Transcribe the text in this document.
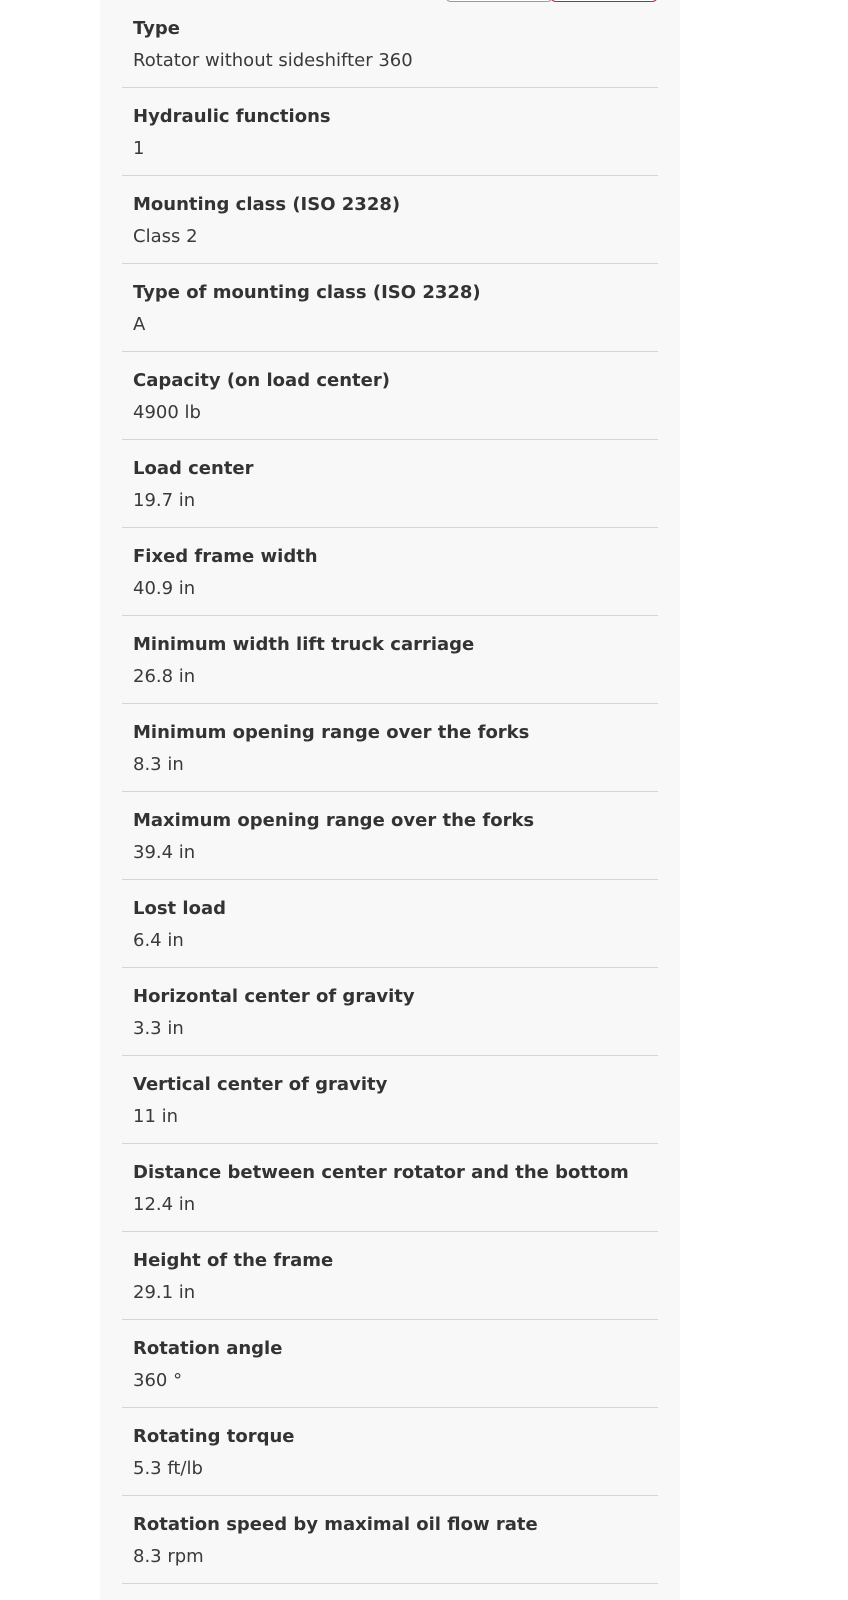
Type
Rotator without sideshifter 360
Hydraulic functions
1
Mounting class (ISO 2328)
Class 2
Type of mounting class (ISO 2328)
A
Capacity (on load center)
4900 lb
Load center
19.7 in
Fixed frame width
40.9 in
Minimum width lift truck carriage
26.8 in
Minimum opening range over the forks
8.3 in
Maximum opening range over the forks
39.4 in
Lost load
6.4 in
Horizontal center of gravity
3.3 in
Vertical center of gravity
11 in
Distance between center rotator and the bottom
12.4 in
Height of the frame
29.1 in
Rotation angle
360 °
Rotating torque
5.3 ft/lb
Rotation speed by maximal oil flow rate
8.3 rpm
